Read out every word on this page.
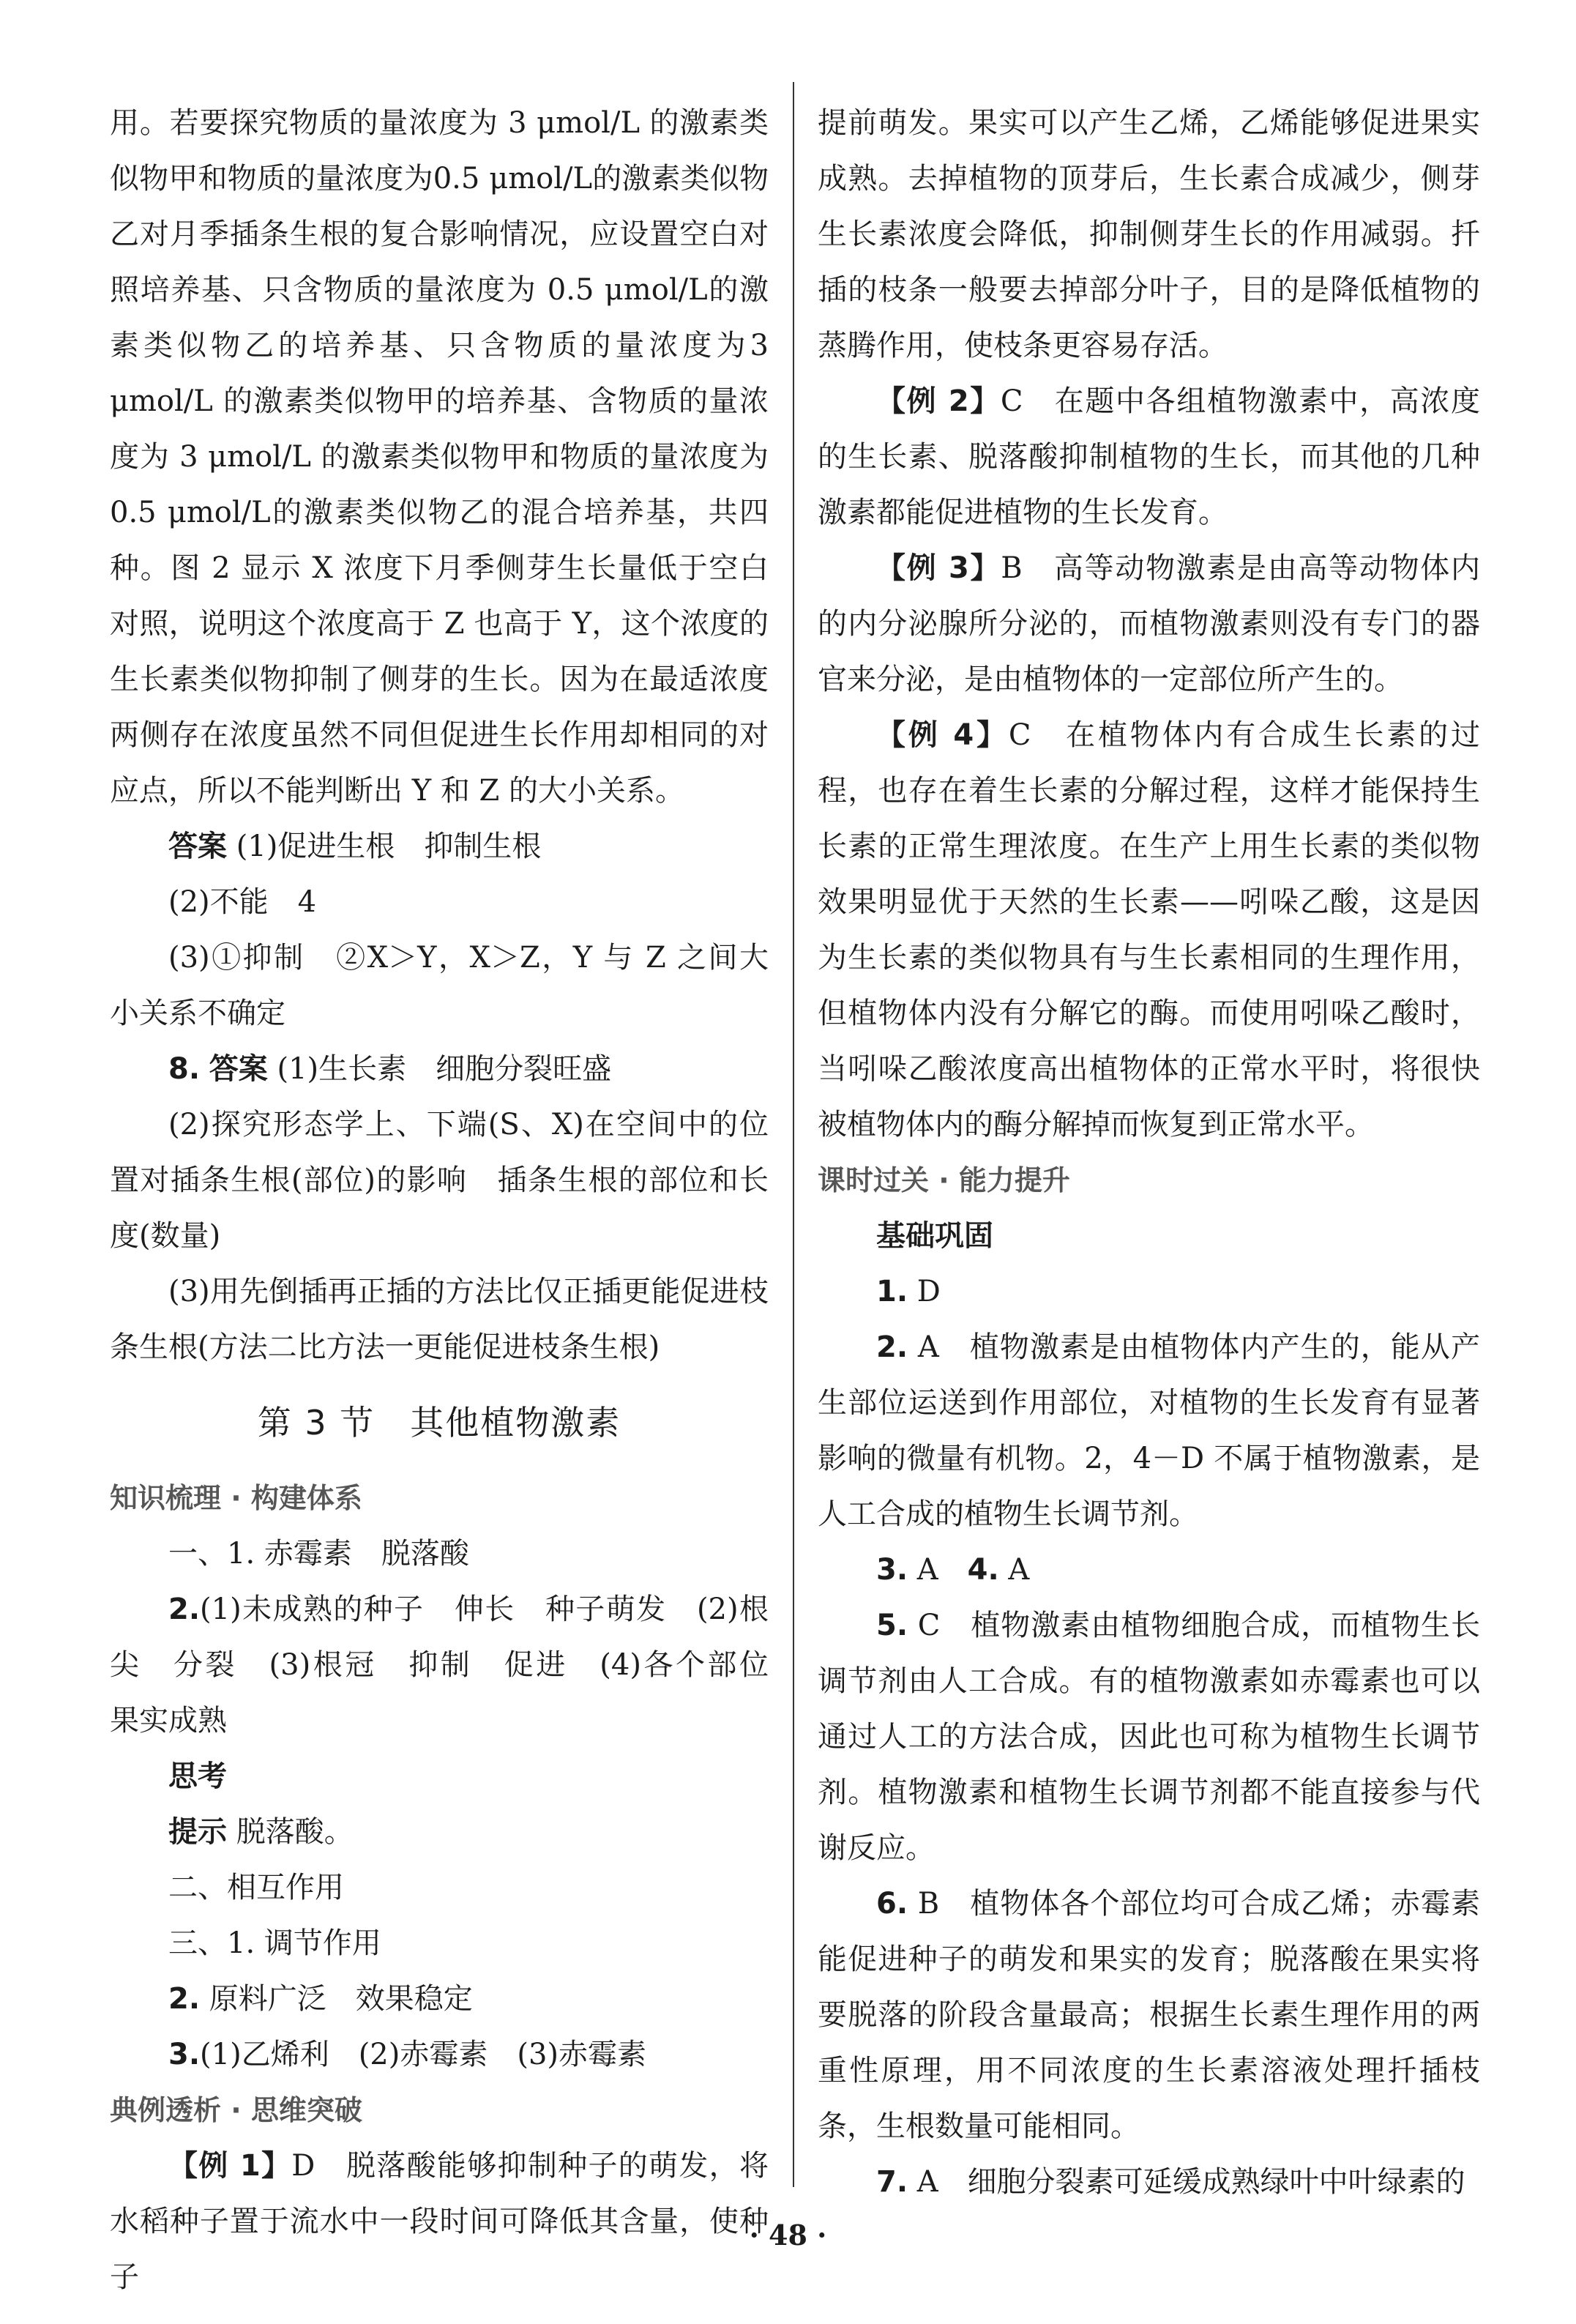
用。若要探究物质的量浓度为 3 μmol/L 的激素类似物甲和物质的量浓度为0.5 μmol/L的激素类似物乙对月季插条生根的复合影响情况，应设置空白对照培养基、只含物质的量浓度为 0.5 μmol/L的激素类似物乙的培养基、只含物质的量浓度为3 μmol/L 的激素类似物甲的培养基、含物质的量浓度为 3 μmol/L 的激素类似物甲和物质的量浓度为0.5 μmol/L的激素类似物乙的混合培养基，共四种。图 2 显示 X 浓度下月季侧芽生长量低于空白对照，说明这个浓度高于 Z 也高于 Y，这个浓度的生长素类似物抑制了侧芽的生长。因为在最适浓度两侧存在浓度虽然不同但促进生长作用却相同的对应点，所以不能判断出 Y 和 Z 的大小关系。

答案 (1)促进生根　抑制生根

(2)不能　4

(3)①抑制　②X＞Y，X＞Z，Y 与 Z 之间大小关系不确定

8. 答案 (1)生长素　细胞分裂旺盛

(2)探究形态学上、下端(S、X)在空间中的位置对插条生根(部位)的影响　插条生根的部位和长度(数量)

(3)用先倒插再正插的方法比仅正插更能促进枝条生根(方法二比方法一更能促进枝条生根)

第 3 节　其他植物激素

知识梳理 · 构建体系

一、1. 赤霉素　脱落酸

2.(1)未成熟的种子　伸长　种子萌发　(2)根尖　分裂　(3)根冠　抑制　促进　(4)各个部位　果实成熟

思考

提示 脱落酸。

二、相互作用

三、1. 调节作用

2. 原料广泛　效果稳定

3.(1)乙烯利　(2)赤霉素　(3)赤霉素

典例透析 · 思维突破

【例 1】D　脱落酸能够抑制种子的萌发，将水稻种子置于流水中一段时间可降低其含量，使种子

提前萌发。果实可以产生乙烯，乙烯能够促进果实成熟。去掉植物的顶芽后，生长素合成减少，侧芽生长素浓度会降低，抑制侧芽生长的作用减弱。扦插的枝条一般要去掉部分叶子，目的是降低植物的蒸腾作用，使枝条更容易存活。

【例 2】C　在题中各组植物激素中，高浓度的生长素、脱落酸抑制植物的生长，而其他的几种激素都能促进植物的生长发育。

【例 3】B　高等动物激素是由高等动物体内的内分泌腺所分泌的，而植物激素则没有专门的器官来分泌，是由植物体的一定部位所产生的。

【例 4】C　在植物体内有合成生长素的过程，也存在着生长素的分解过程，这样才能保持生长素的正常生理浓度。在生产上用生长素的类似物效果明显优于天然的生长素——吲哚乙酸，这是因为生长素的类似物具有与生长素相同的生理作用，但植物体内没有分解它的酶。而使用吲哚乙酸时，当吲哚乙酸浓度高出植物体的正常水平时，将很快被植物体内的酶分解掉而恢复到正常水平。

课时过关 · 能力提升

基础巩固

1. D

2. A　植物激素是由植物体内产生的，能从产生部位运送到作用部位，对植物的生长发育有显著影响的微量有机物。2，4－D 不属于植物激素，是人工合成的植物生长调节剂。

3. A　 4. A

5. C　植物激素由植物细胞合成，而植物生长调节剂由人工合成。有的植物激素如赤霉素也可以通过人工的方法合成，因此也可称为植物生长调节剂。植物激素和植物生长调节剂都不能直接参与代谢反应。

6. B　植物体各个部位均可合成乙烯；赤霉素能促进种子的萌发和果实的发育；脱落酸在果实将要脱落的阶段含量最高；根据生长素生理作用的两重性原理，用不同浓度的生长素溶液处理扦插枝条，生根数量可能相同。

7. A　细胞分裂素可延缓成熟绿叶中叶绿素的

· 48 ·
